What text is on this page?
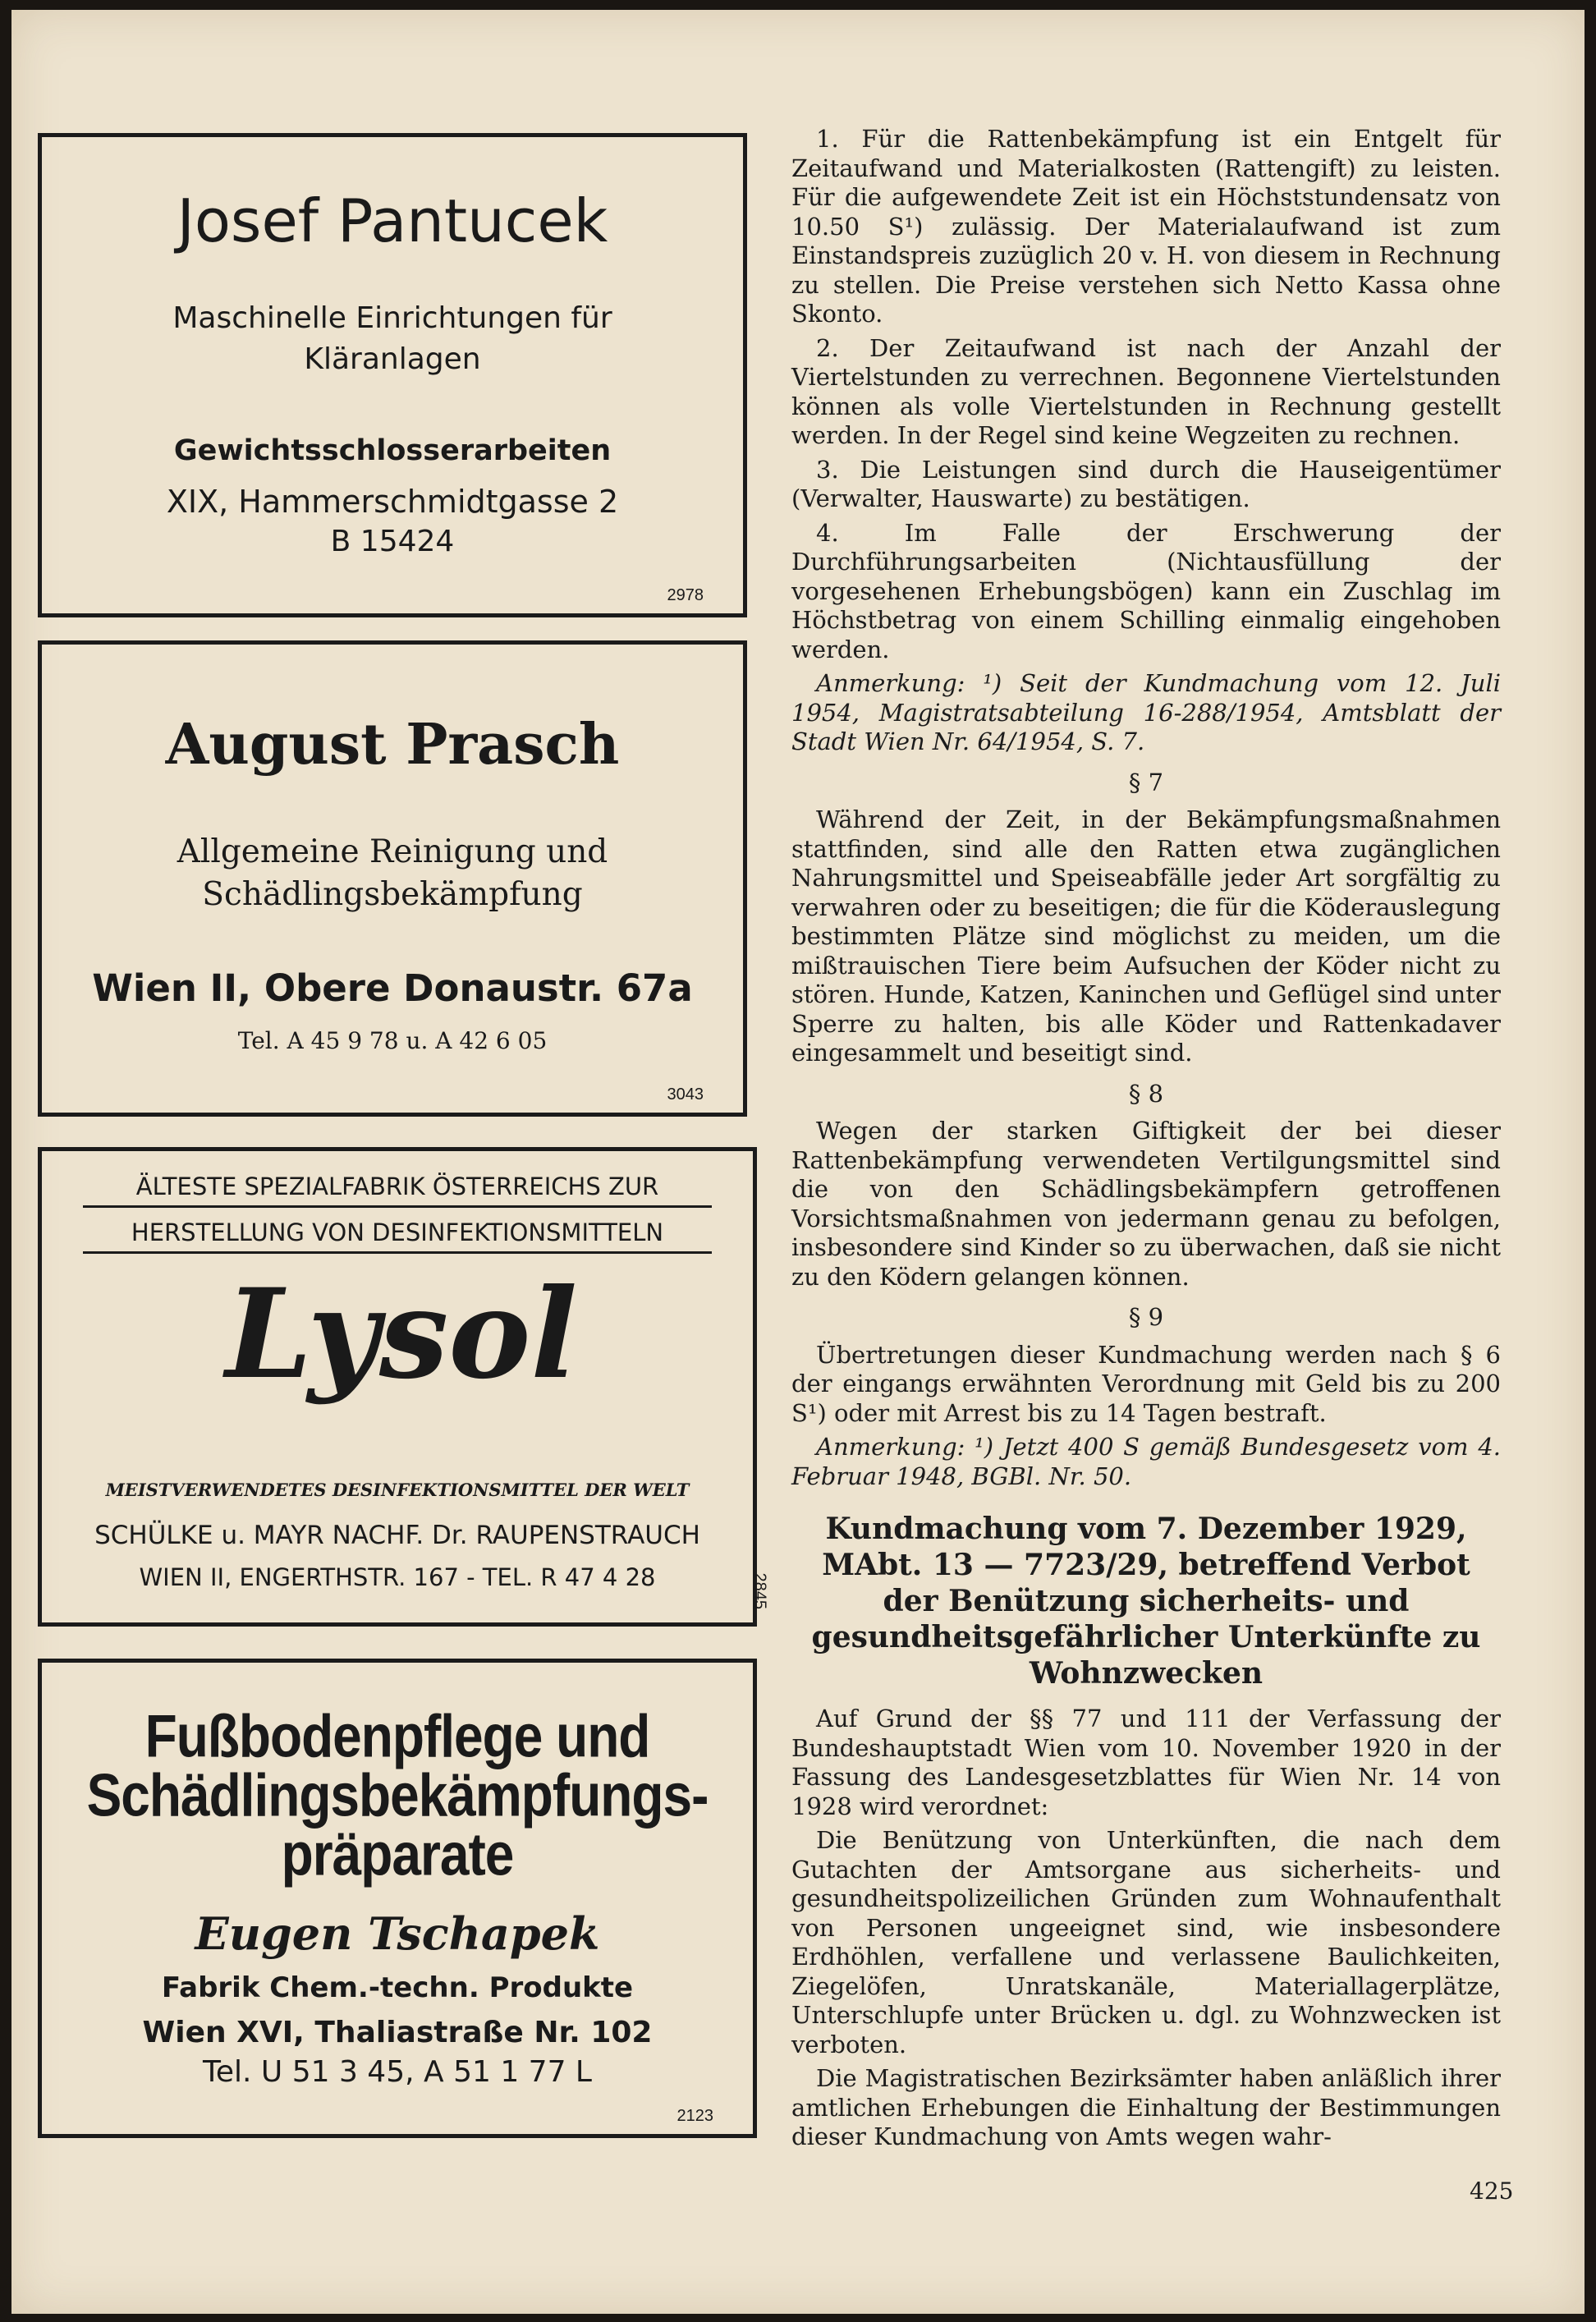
Josef Pantucek
Maschinelle Einrichtungen für
Kläranlagen
Gewichtsschlosserarbeiten
XIX, Hammerschmidtgasse 2
B 15424
2978
August Prasch
Allgemeine Reinigung und
Schädlingsbekämpfung
Wien II, Obere Donaustr. 67a
Tel. A 45 9 78 u. A 42 6 05
3043
ÄLTESTE SPEZIALFABRIK ÖSTERREICHS ZUR
HERSTELLUNG VON DESINFEKTIONSMITTELN
Lysol
MEISTVERWENDETES DESINFEKTIONSMITTEL DER WELT
SCHÜLKE u. MAYR NACHF. Dr. RAUPENSTRAUCH
WIEN II, ENGERTHSTR. 167 - TEL. R 47 4 28	2845
Fußbodenpflege und
Schädlingsbekämpfungs-
präparate
Eugen Tschapek
Fabrik Chem.-techn. Produkte
Wien XVI, Thaliastraße Nr. 102
Tel. U 51 3 45, A 51 1 77 L
2123

1. Für die Rattenbekämpfung ist ein Entgelt für Zeitaufwand und Materialkosten (Rattengift) zu leisten. Für die aufgewendete Zeit ist ein Höchststundensatz von 10.50 S¹) zulässig. Der Materialaufwand ist zum Einstandspreis zuzüglich 20 v. H. von diesem in Rechnung zu stellen. Die Preise verstehen sich Netto Kassa ohne Skonto.

2. Der Zeitaufwand ist nach der Anzahl der Viertelstunden zu verrechnen. Begonnene Viertelstunden können als volle Viertelstunden in Rechnung gestellt werden. In der Regel sind keine Wegzeiten zu rechnen.

3. Die Leistungen sind durch die Hauseigentümer (Verwalter, Hauswarte) zu bestätigen.

4. Im Falle der Erschwerung der Durchführungsarbeiten (Nichtausfüllung der vorgesehenen Erhebungsbögen) kann ein Zuschlag im Höchstbetrag von einem Schilling einmalig eingehoben werden.

Anmerkung: ¹) Seit der Kundmachung vom 12. Juli 1954, Magistratsabteilung 16-288/1954, Amtsblatt der Stadt Wien Nr. 64/1954, S. 7.

§ 7

Während der Zeit, in der Bekämpfungsmaßnahmen stattfinden, sind alle den Ratten etwa zugänglichen Nahrungsmittel und Speiseabfälle jeder Art sorgfältig zu verwahren oder zu beseitigen; die für die Köderauslegung bestimmten Plätze sind möglichst zu meiden, um die mißtrauischen Tiere beim Aufsuchen der Köder nicht zu stören. Hunde, Katzen, Kaninchen und Geflügel sind unter Sperre zu halten, bis alle Köder und Rattenkadaver eingesammelt und beseitigt sind.

§ 8

Wegen der starken Giftigkeit der bei dieser Rattenbekämpfung verwendeten Vertilgungsmittel sind die von den Schädlingsbekämpfern getroffenen Vorsichtsmaßnahmen von jedermann genau zu befolgen, insbesondere sind Kinder so zu überwachen, daß sie nicht zu den Ködern gelangen können.

§ 9

Übertretungen dieser Kundmachung werden nach § 6 der eingangs erwähnten Verordnung mit Geld bis zu 200 S¹) oder mit Arrest bis zu 14 Tagen bestraft.

Anmerkung: ¹) Jetzt 400 S gemäß Bundesgesetz vom 4. Februar 1948, BGBl. Nr. 50.

Kundmachung vom 7. Dezember 1929, MAbt. 13 — 7723/29, betreffend Verbot der Benützung sicherheits- und gesundheitsgefährlicher Unterkünfte zu Wohnzwecken

Auf Grund der §§ 77 und 111 der Verfassung der Bundeshauptstadt Wien vom 10. November 1920 in der Fassung des Landesgesetzblattes für Wien Nr. 14 von 1928 wird verordnet:

Die Benützung von Unterkünften, die nach dem Gutachten der Amtsorgane aus sicherheits- und gesundheitspolizeilichen Gründen zum Wohnaufenthalt von Personen ungeeignet sind, wie insbesondere Erdhöhlen, verfallene und verlassene Baulichkeiten, Ziegelöfen, Unratskanäle, Materiallagerplätze, Unterschlupfe unter Brücken u. dgl. zu Wohnzwecken ist verboten.

Die Magistratischen Bezirksämter haben anläßlich ihrer amtlichen Erhebungen die Einhaltung der Bestimmungen dieser Kundmachung von Amts wegen wahr-

425
